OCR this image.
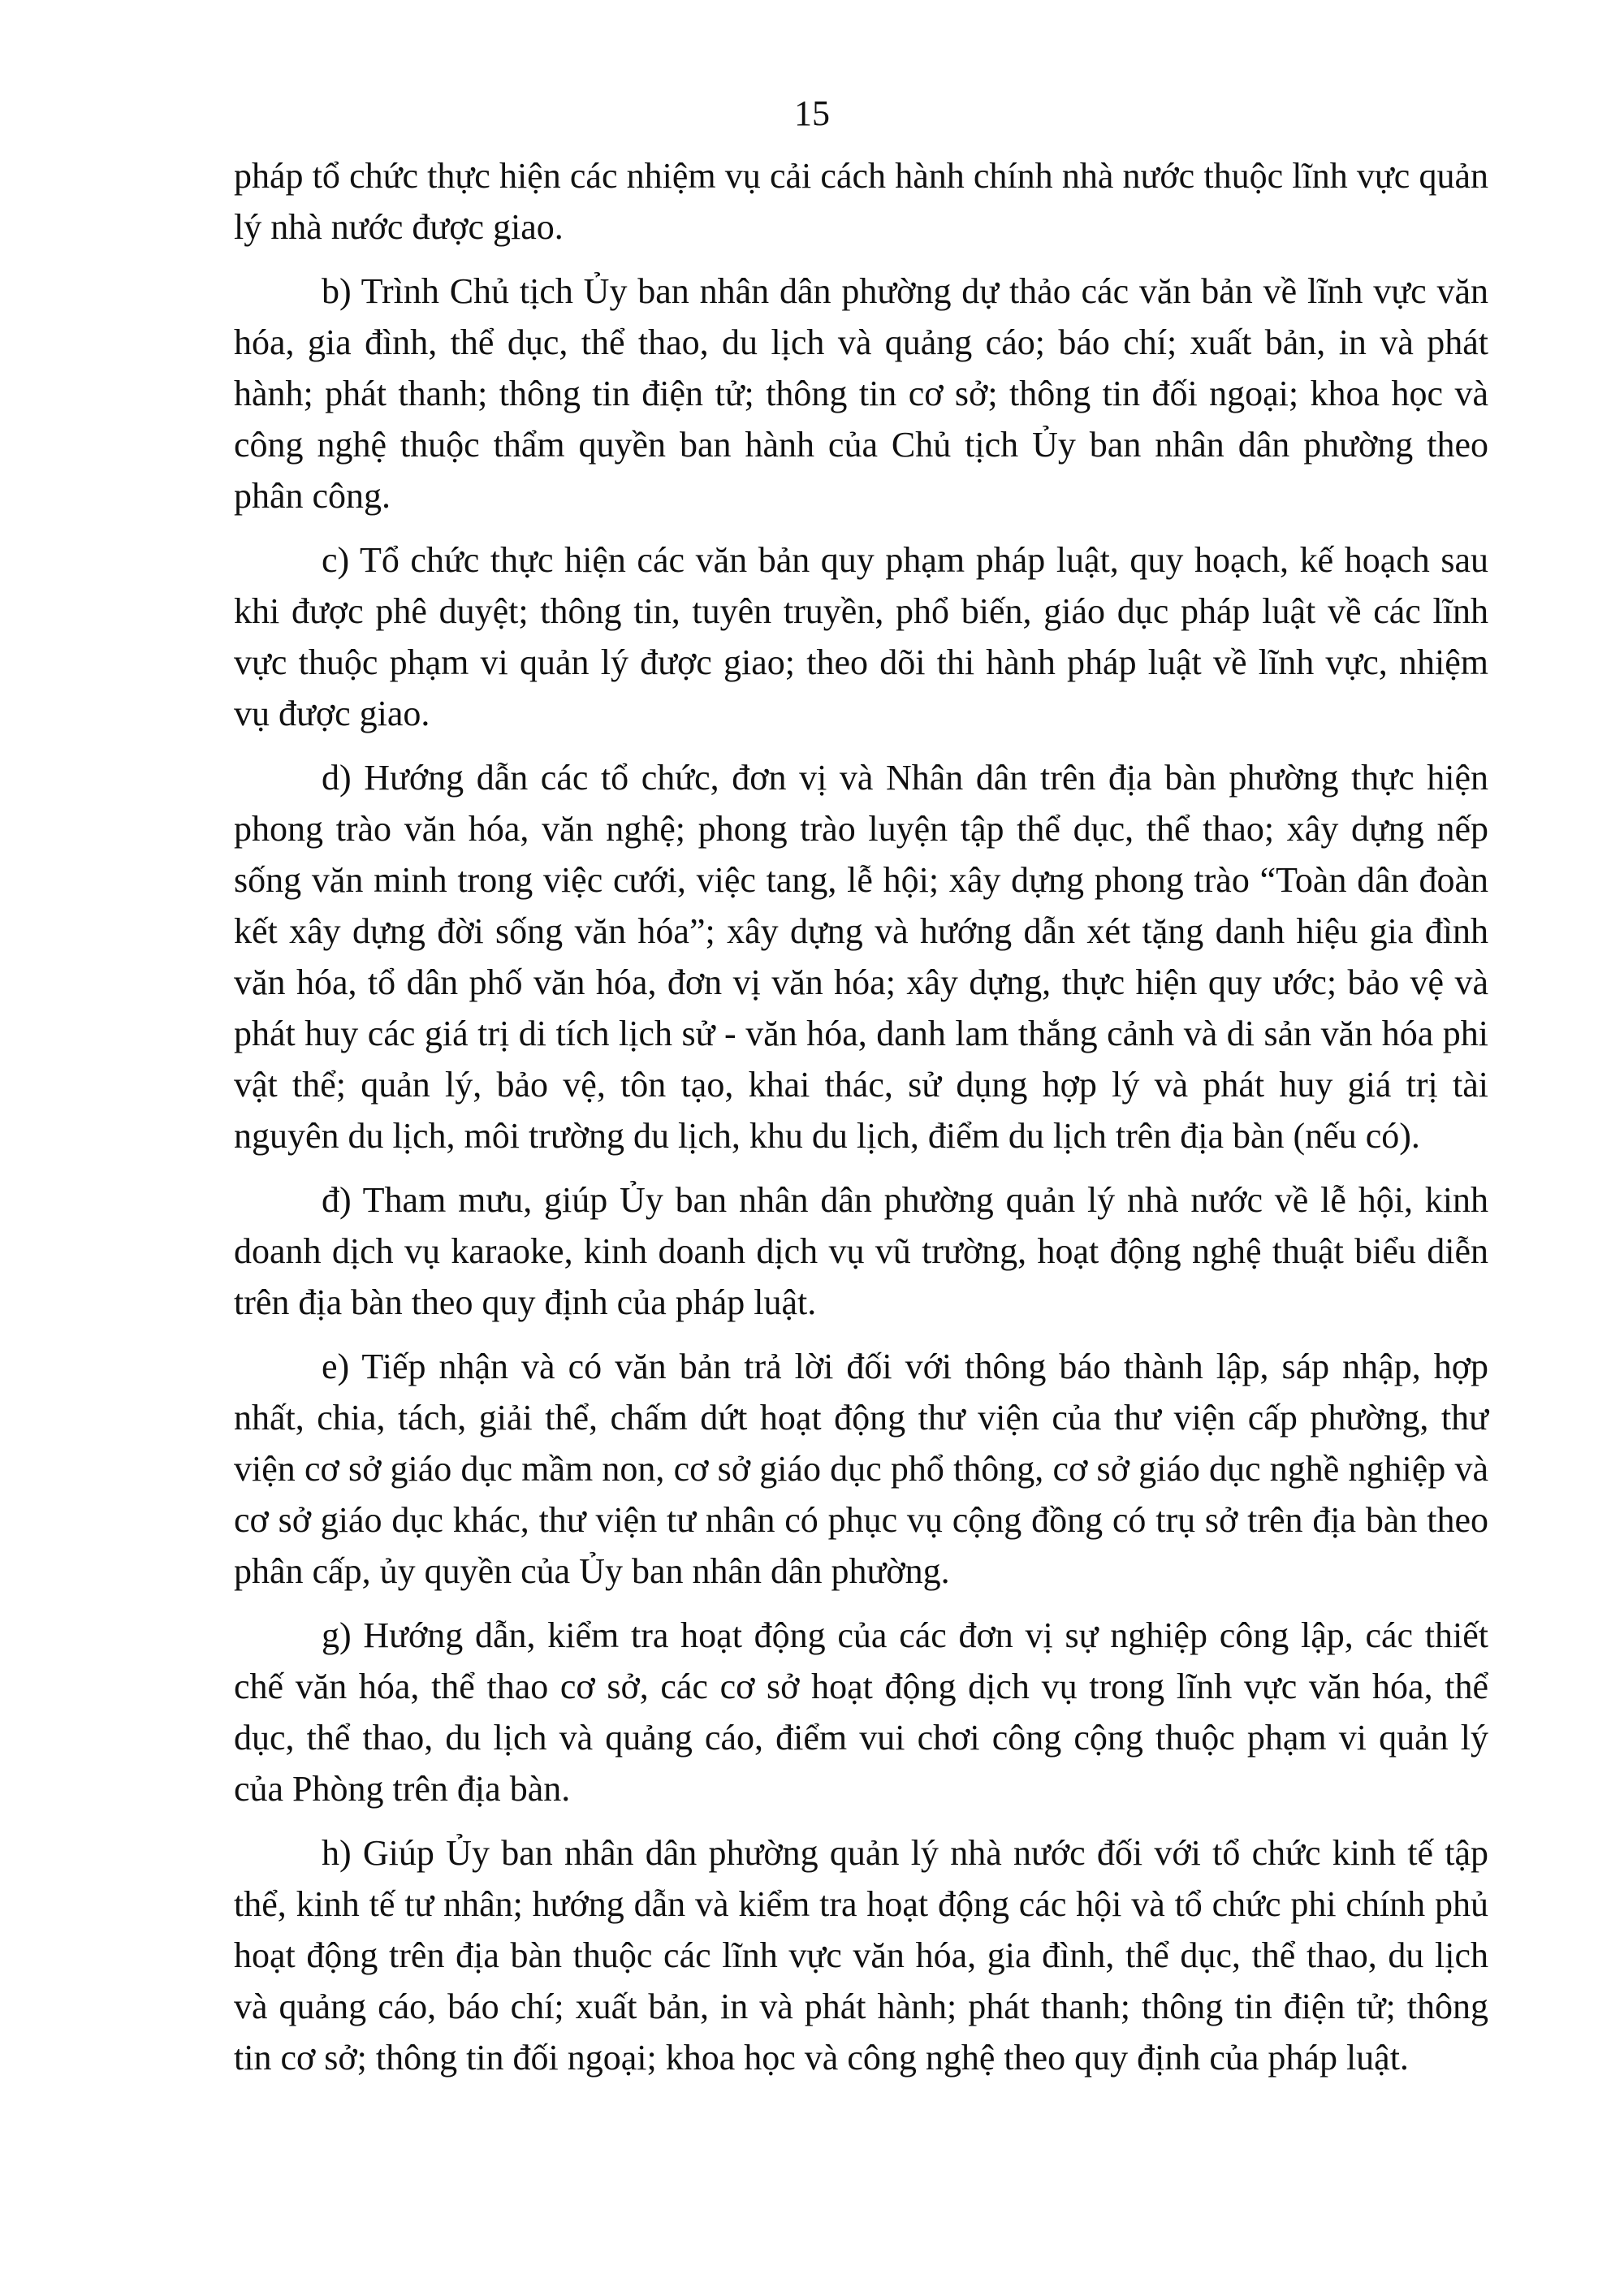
15

pháp tổ chức thực hiện các nhiệm vụ cải cách hành chính nhà nước thuộc lĩnh vực quản lý nhà nước được giao.

b) Trình Chủ tịch Ủy ban nhân dân phường dự thảo các văn bản về lĩnh vực văn hóa, gia đình, thể dục, thể thao, du lịch và quảng cáo; báo chí; xuất bản, in và phát hành; phát thanh; thông tin điện tử; thông tin cơ sở; thông tin đối ngoại; khoa học và công nghệ thuộc thẩm quyền ban hành của Chủ tịch Ủy ban nhân dân phường theo phân công.

c) Tổ chức thực hiện các văn bản quy phạm pháp luật, quy hoạch, kế hoạch sau khi được phê duyệt; thông tin, tuyên truyền, phổ biến, giáo dục pháp luật về các lĩnh vực thuộc phạm vi quản lý được giao; theo dõi thi hành pháp luật về lĩnh vực, nhiệm vụ được giao.

d) Hướng dẫn các tổ chức, đơn vị và Nhân dân trên địa bàn phường thực hiện phong trào văn hóa, văn nghệ; phong trào luyện tập thể dục, thể thao; xây dựng nếp sống văn minh trong việc cưới, việc tang, lễ hội; xây dựng phong trào “Toàn dân đoàn kết xây dựng đời sống văn hóa”; xây dựng và hướng dẫn xét tặng danh hiệu gia đình văn hóa, tổ dân phố văn hóa, đơn vị văn hóa; xây dựng, thực hiện quy ước; bảo vệ và phát huy các giá trị di tích lịch sử - văn hóa, danh lam thắng cảnh và di sản văn hóa phi vật thể; quản lý, bảo vệ, tôn tạo, khai thác, sử dụng hợp lý và phát huy giá trị tài nguyên du lịch, môi trường du lịch, khu du lịch, điểm du lịch trên địa bàn (nếu có).

đ) Tham mưu, giúp Ủy ban nhân dân phường quản lý nhà nước về lễ hội, kinh doanh dịch vụ karaoke, kinh doanh dịch vụ vũ trường, hoạt động nghệ thuật biểu diễn trên địa bàn theo quy định của pháp luật.

e) Tiếp nhận và có văn bản trả lời đối với thông báo thành lập, sáp nhập, hợp nhất, chia, tách, giải thể, chấm dứt hoạt động thư viện của thư viện cấp phường, thư viện cơ sở giáo dục mầm non, cơ sở giáo dục phổ thông, cơ sở giáo dục nghề nghiệp và cơ sở giáo dục khác, thư viện tư nhân có phục vụ cộng đồng có trụ sở trên địa bàn theo phân cấp, ủy quyền của Ủy ban nhân dân phường.

g) Hướng dẫn, kiểm tra hoạt động của các đơn vị sự nghiệp công lập, các thiết chế văn hóa, thể thao cơ sở, các cơ sở hoạt động dịch vụ trong lĩnh vực văn hóa, thể dục, thể thao, du lịch và quảng cáo, điểm vui chơi công cộng thuộc phạm vi quản lý của Phòng trên địa bàn.

h) Giúp Ủy ban nhân dân phường quản lý nhà nước đối với tổ chức kinh tế tập thể, kinh tế tư nhân; hướng dẫn và kiểm tra hoạt động các hội và tổ chức phi chính phủ hoạt động trên địa bàn thuộc các lĩnh vực văn hóa, gia đình, thể dục, thể thao, du lịch và quảng cáo, báo chí; xuất bản, in và phát hành; phát thanh; thông tin điện tử; thông tin cơ sở; thông tin đối ngoại; khoa học và công nghệ theo quy định của pháp luật.
